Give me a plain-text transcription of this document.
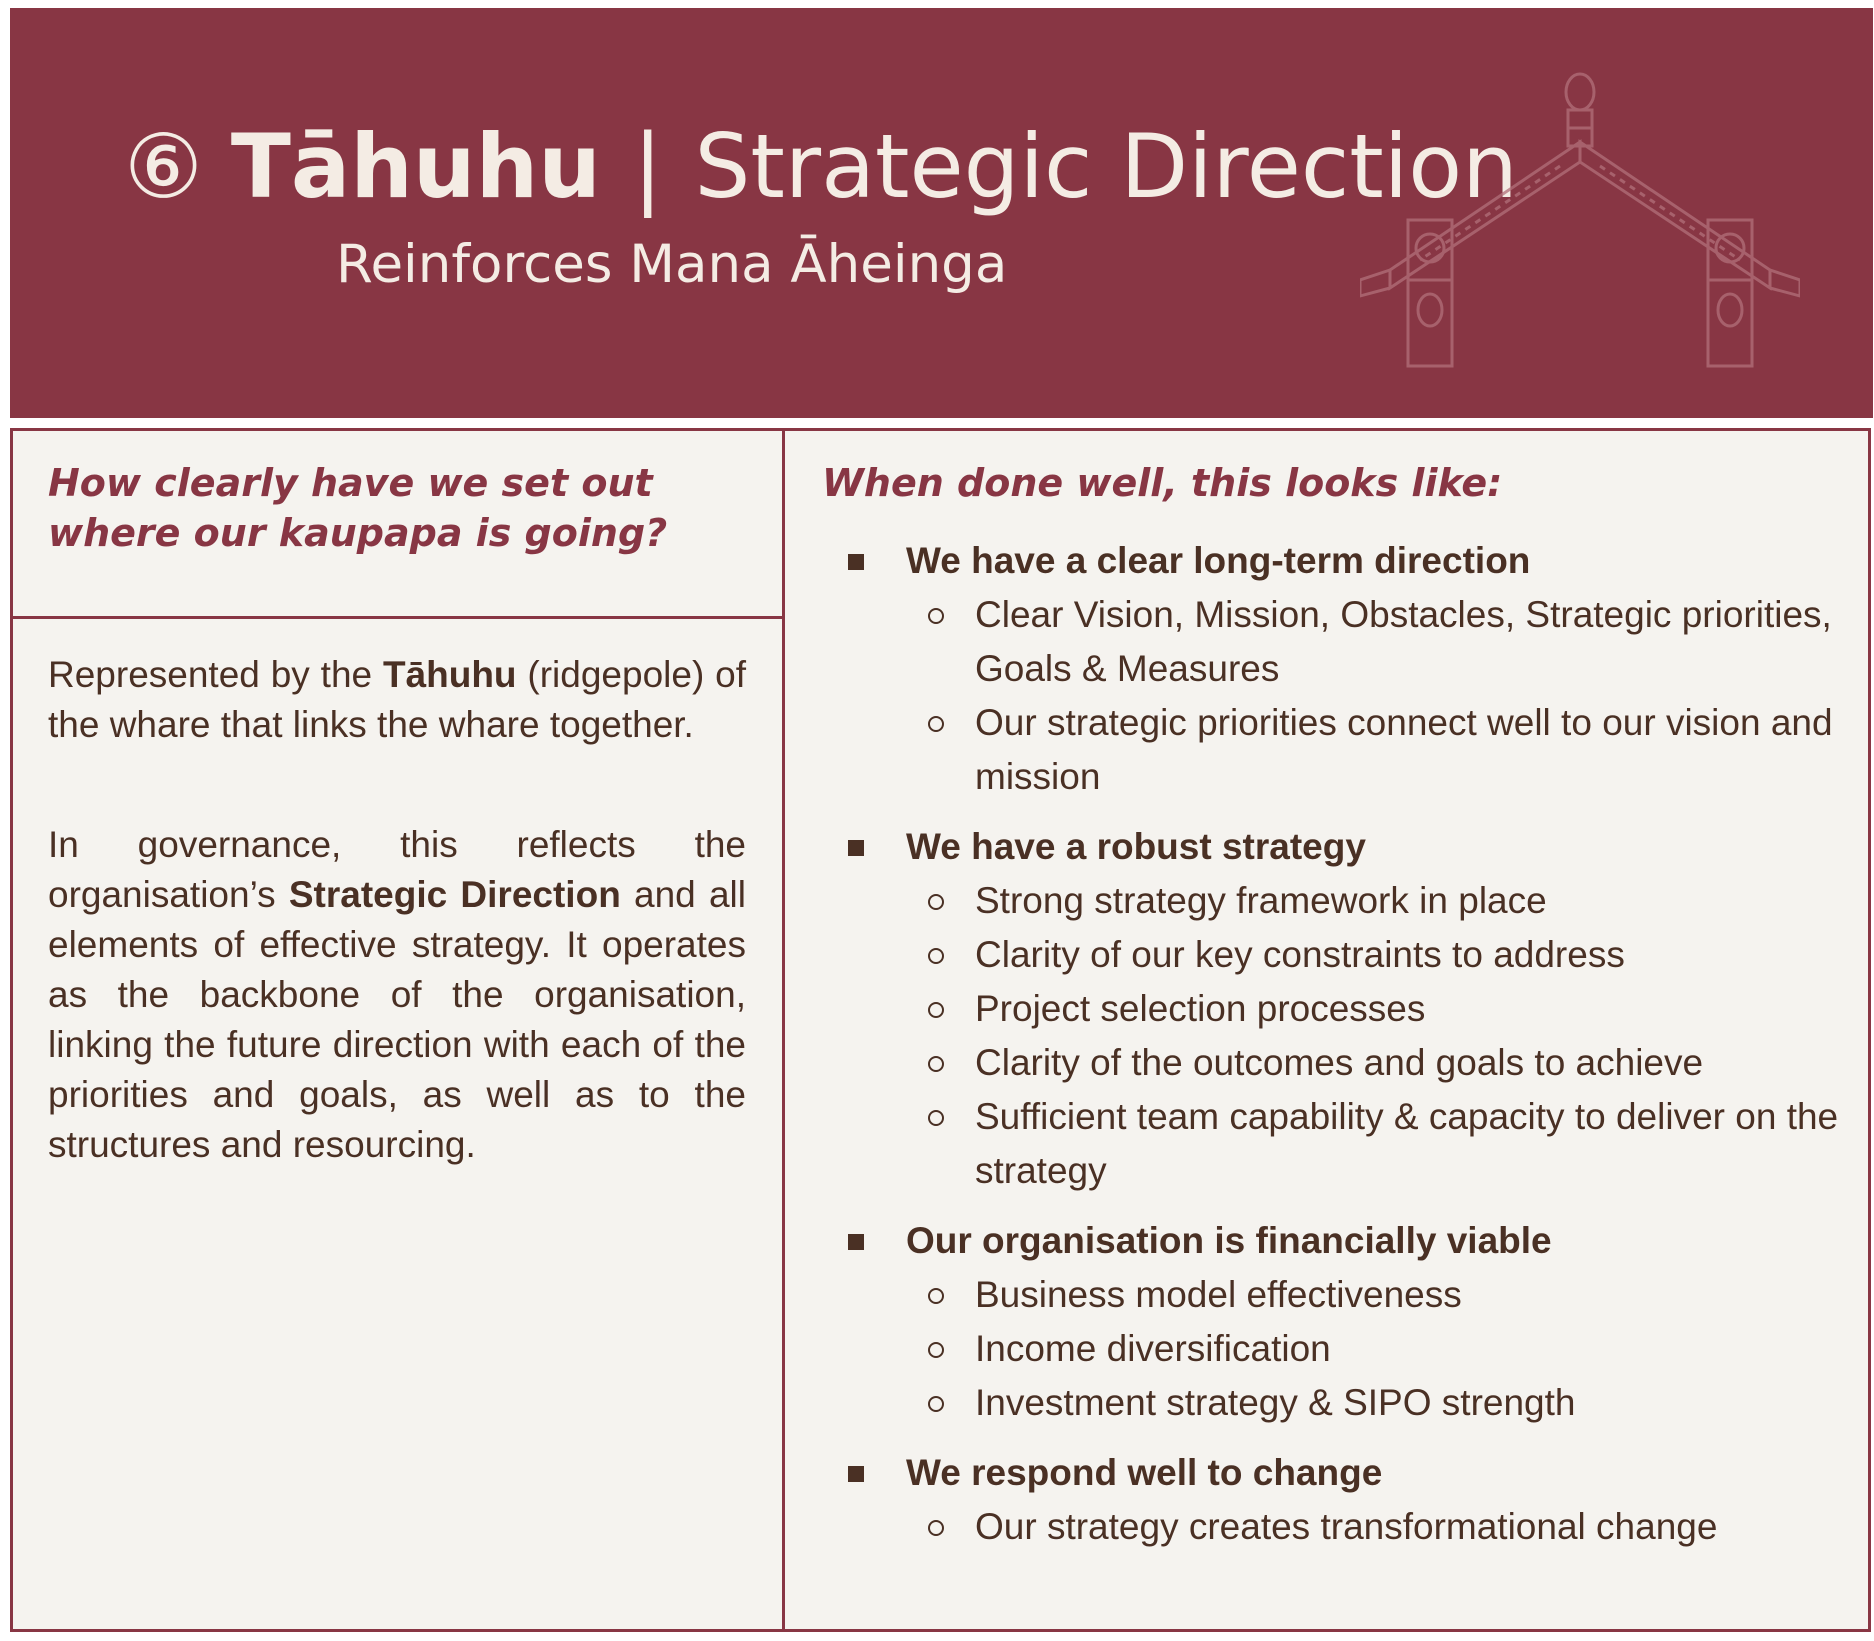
⑥ Tāhuhu | Strategic Direction
Reinforces Mana Āheinga
How clearly have we set out where our kaupapa is going?

Represented by the Tāhuhu (ridgepole) of the whare that links the whare together.

In governance, this reflects the organisation’s Strategic Direction and all elements of effective strategy. It operates as the backbone of the organisation, linking the future direction with each of the priorities and goals, as well as to the structures and resourcing.

When done well, this looks like:
We have a clear long-term direction
Clear Vision, Mission, Obstacles, Strategic priorities, Goals & Measures
Our strategic priorities connect well to our vision and mission
We have a robust strategy
Strong strategy framework in place
Clarity of our key constraints to address
Project selection processes
Clarity of the outcomes and goals to achieve
Sufficient team capability & capacity to deliver on the strategy
Our organisation is financially viable
Business model effectiveness
Income diversification
Investment strategy & SIPO strength
We respond well to change
Our strategy creates transformational change
